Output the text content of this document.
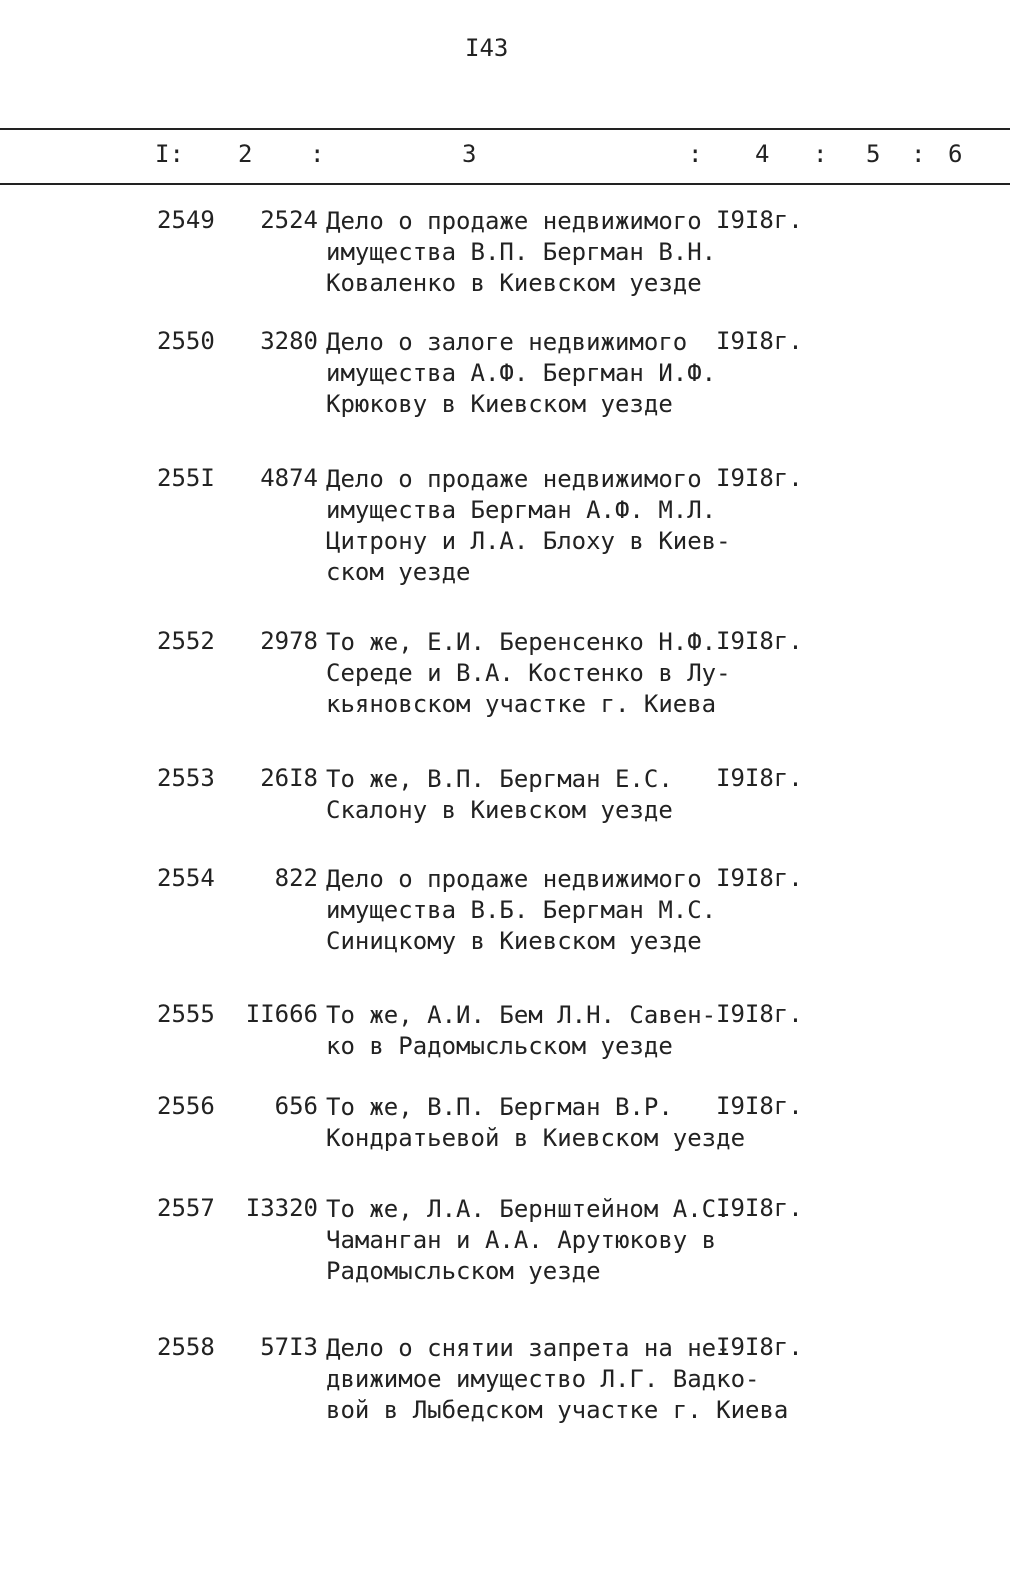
I43
I: 2 :	3	: 4 : 5 : 6
2549	2524 Дело о продаже недвижимого
имущества В.П. Бергман В.Н.
Коваленко в Киевском уезде
I9I8г.
2550	3280 Дело о залоге недвижимого
имущества А.Ф. Бергман И.Ф.
Крюкову в Киевском уезде
I9I8г.
255I	4874 Дело о продаже недвижимого
имущества Бергман А.Ф. М.Л.
Цитрону и Л.А. Блоху в Киев-
ском уезде
I9I8г.
2552	2978 То же, Е.И. Беренсенко Н.Ф.
Середе и В.А. Костенко в Лу-
кьяновском участке г. Киева
I9I8г.
2553	26I8 То же, В.П. Бергман Е.С.
Скалону в Киевском уезде
I9I8г.
2554	822 Дело о продаже недвижимого
имущества В.Б. Бергман М.С.
Синицкому в Киевском уезде
I9I8г.
2555	II666 То же, А.И. Бем Л.Н. Савен-
ко в Радомысльском уезде
I9I8г.
2556	656 То же, В.П. Бергман В.Р.
Кондратьевой в Киевском уезде
I9I8г.
2557	I3320 То же, Л.А. Бернштейном А.С.
Чаманган и А.А. Арутюкову в
Радомысльском уезде
I9I8г.
2558	57I3 Дело о снятии запрета на не-
движимое имущество Л.Г. Вадко-
вой в Лыбедском участке г. Киева
I9I8г.
